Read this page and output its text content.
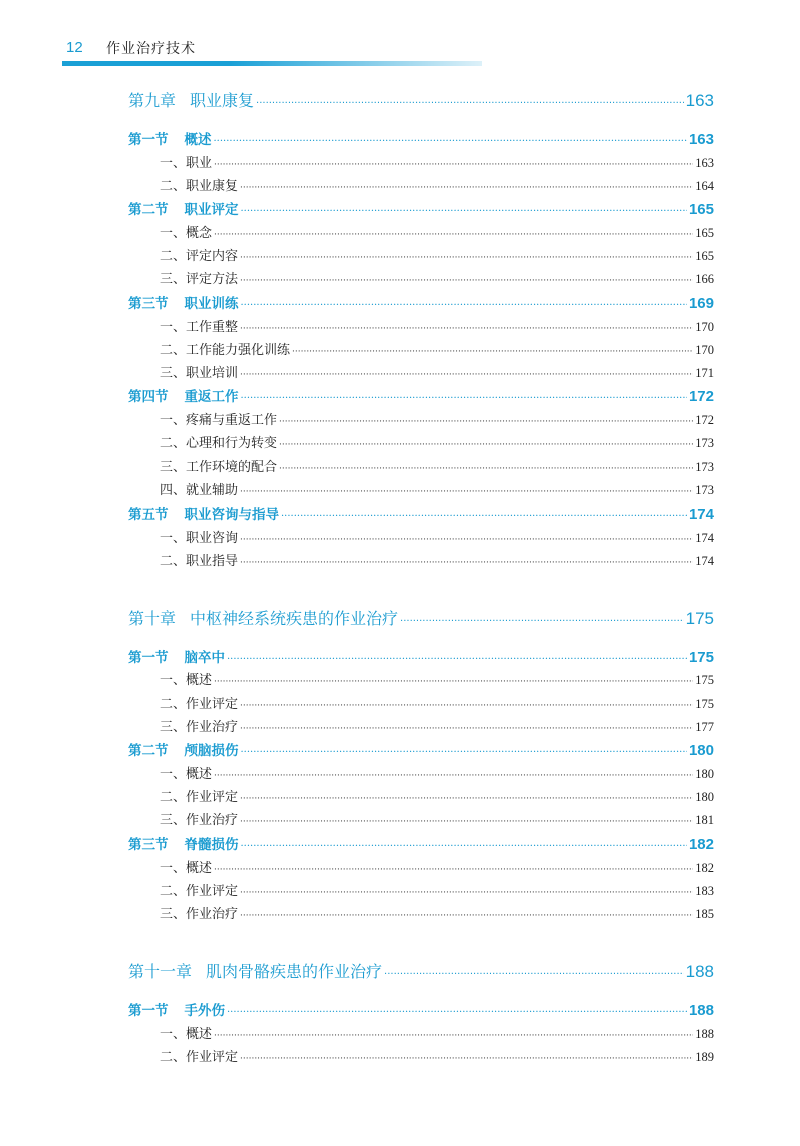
12 作业治疗技术
第九章 职业康复 ·····	163
第一节 概述 ·····	163
一、职业 ·····	163
二、职业康复 ·····	164
第二节 职业评定 ·····	165
一、概念 ·····	165
二、评定内容 ·····	165
三、评定方法 ·····	166
第三节 职业训练 ·····	169
一、工作重整 ·····	170
二、工作能力强化训练 ·····	170
三、职业培训 ·····	171
第四节 重返工作 ·····	172
一、疼痛与重返工作 ·····	172
二、心理和行为转变 ·····	173
三、工作环境的配合 ·····	173
四、就业辅助 ·····	173
第五节 职业咨询与指导 ·····	174
一、职业咨询 ·····	174
二、职业指导 ·····	174
第十章 中枢神经系统疾患的作业治疗 ·····	175
第一节 脑卒中 ·····	175
一、概述 ·····	175
二、作业评定 ·····	175
三、作业治疗 ·····	177
第二节 颅脑损伤 ·····	180
一、概述 ·····	180
二、作业评定 ·····	180
三、作业治疗 ·····	181
第三节 脊髓损伤 ·····	182
一、概述 ·····	182
二、作业评定 ·····	183
三、作业治疗 ·····	185
第十一章 肌肉骨骼疾患的作业治疗 ·····	188
第一节 手外伤 ·····	188
一、概述 ·····	188
二、作业评定 ·····	189
